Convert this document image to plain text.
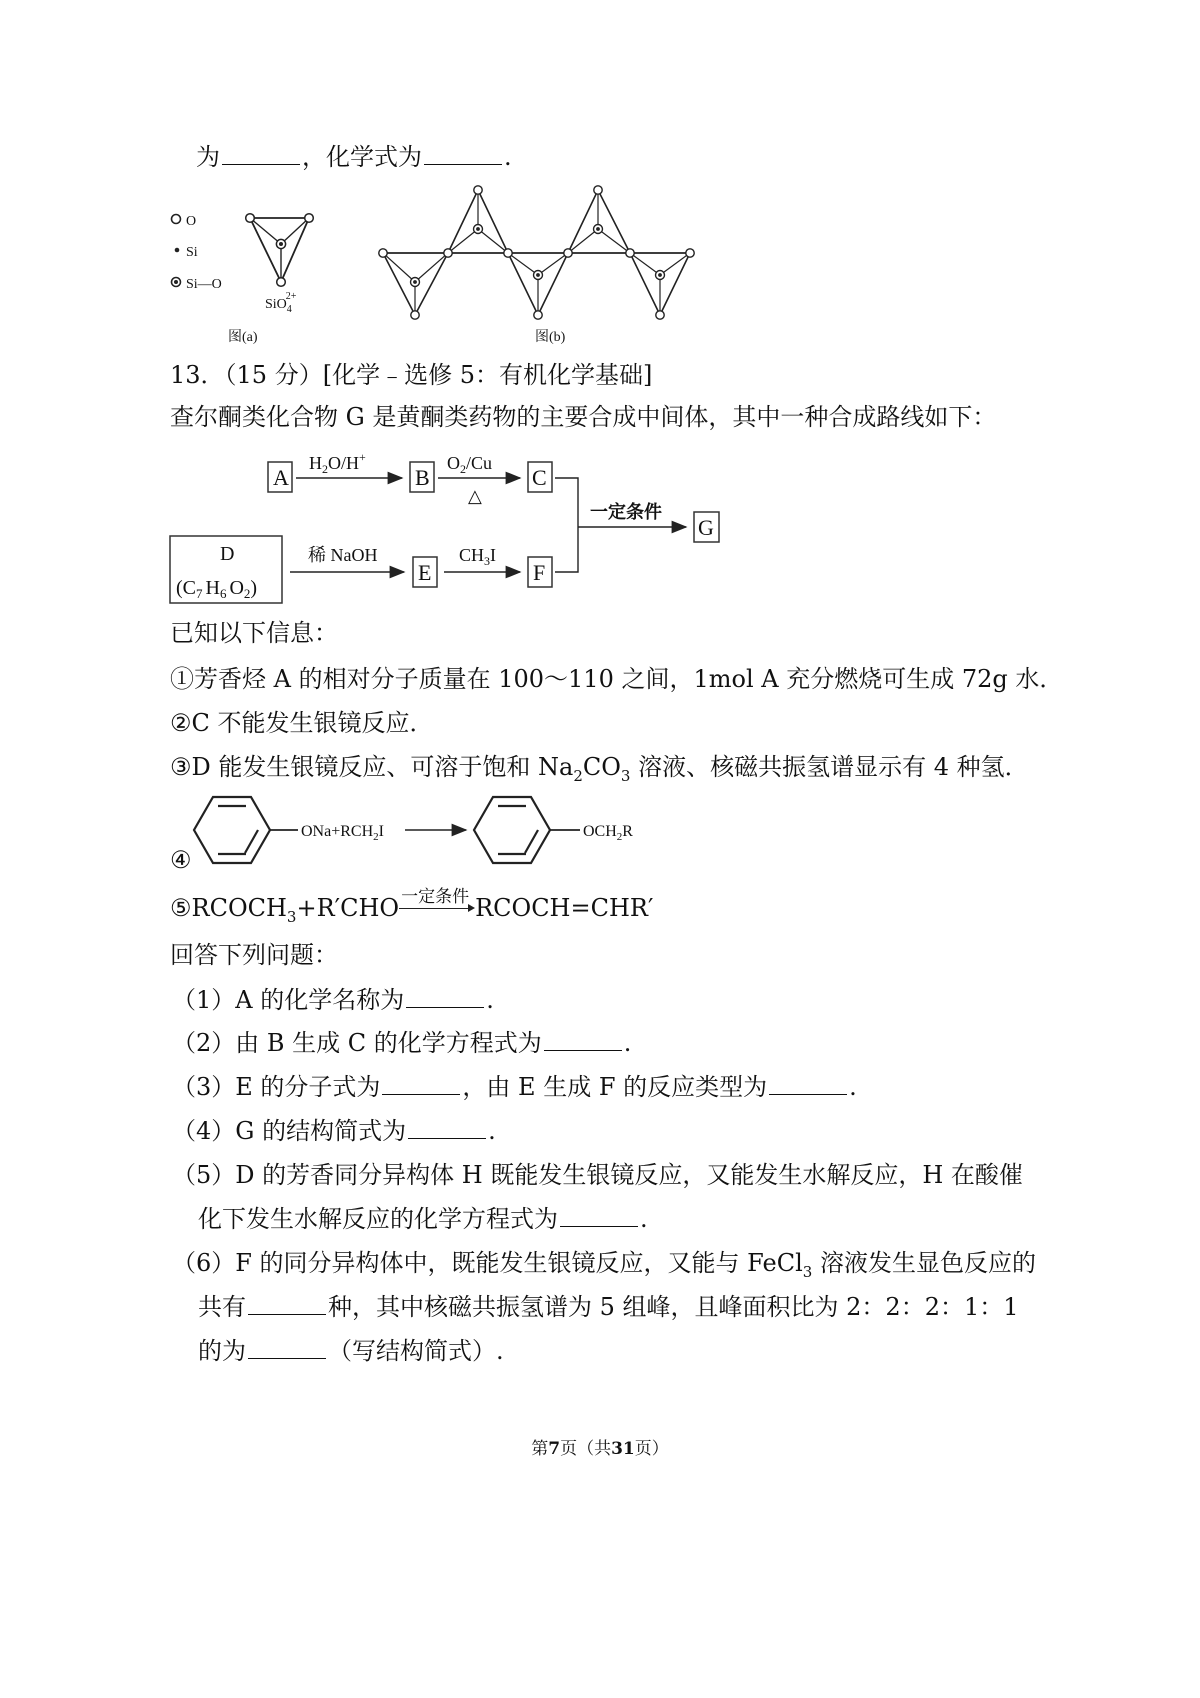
为	，化学式为	.
O
Si
Si—O
SiO$_4$2+
图(a)	图(b)
13．（15 分）[化学﹣选修 5：有机化学基础]
查尔酮类化合物 G 是黄酮类药物的主要合成中间体，其中一种合成路线如下：
A
$H_2O/H^+$
B
$O_2/Cu$
△
C
D
($C_7$ $H_6$ $O_2$)
稀 NaOH
E
$CH_3I$
F
一定条件
G
已知以下信息：
①芳香烃 A 的相对分子质量在 100～110 之间，1mol A 充分燃烧可生成 72g 水．
②C 不能发生银镜反应．
③D 能发生银镜反应、可溶于饱和 $Na_2CO_3$ 溶液、核磁共振氢谱显示有 4 种氢．
④
$ONa+RCH_2I$	$OCH_2R$
$⑤RCOCH_3+R'CHO$ 一定条件 RCOCH=CHR′
回答下列问题：
（1）A 的化学名称为	.
（2）由 B 生成 C 的化学方程式为	.
（3）E 的分子式为	，由 E 生成 F 的反应类型为	.
（4）G 的结构简式为	.
（5）D 的芳香同分异构体 H 既能发生银镜反应，又能发生水解反应，H 在酸催
化下发生水解反应的化学方程式为	.
（6）F 的同分异构体中，既能发生银镜反应，又能与 FeCl$_3$ 溶液发生显色反应的
共有	种，其中核磁共振氢谱为 5 组峰，且峰面积比为 2：2：2：1：1
的为	（写结构简式）.
第7页（共31页）
